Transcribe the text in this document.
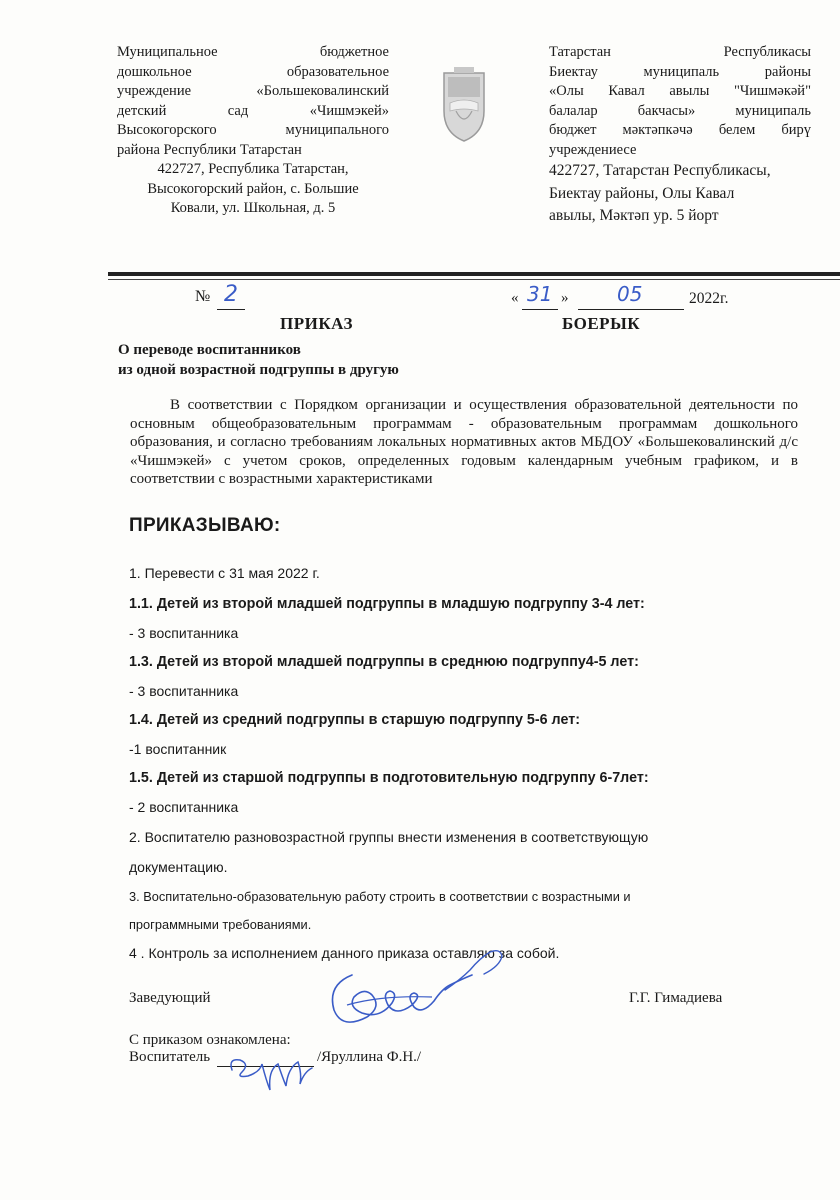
Муниципальное бюджетное
дошкольное образовательное
учреждение «Большековалинский
детский сад «Чишмэкей»
Высокогорского муниципального
района Республики Татарстан
422727, Республика Татарстан,
Высокогорский район, с. Большие
Ковали, ул. Школьная, д. 5
Татарстан Республикасы
Биектау муниципаль районы
«Олы Кавал авылы "Чишмәкәй"
балалар бакчасы» муниципаль
бюджет мәктәпкәчә белем бирү
учреждениесе
422727, Татарстан Республикасы,
Биектау районы, Олы Кавал
авылы, Мәктәп ур. 5 йорт
№ 2	« 31 » 05	2022г.
ПРИКАЗ	БОЕРЫК
О переводе воспитанников
из одной возрастной подгруппы в другую
В соответствии с Порядком организации и осуществления образовательной деятельности по основным общеобразовательным программам - образовательным программам дошкольного образования, и согласно требованиям локальных нормативных актов МБДОУ «Большековалинский д/с «Чишмэкей» с учетом сроков, определенных годовым календарным учебным графиком, и в соответствии с возрастными характеристиками
ПРИКАЗЫВАЮ:
1. Перевести с 31 мая 2022 г.
1.1. Детей из второй младшей подгруппы в младшую подгруппу 3-4 лет:
- 3 воспитанника
1.3. Детей из второй младшей подгруппы в среднюю подгруппу4-5 лет:
- 3 воспитанника
1.4. Детей из средний подгруппы в старшую подгруппу 5-6 лет:
-1 воспитанник
1.5. Детей из старшой подгруппы в подготовительную подгруппу 6-7лет:
- 2 воспитанника
2. Воспитателю разновозрастной группы внести изменения в соответствующую
документацию.
3. Воспитательно-образовательную работу строить в соответствии с возрастными и
программными требованиями.
4 . Контроль за исполнением данного приказа оставляю за собой.
Заведующий	Г.Г. Гимадиева
С приказом ознакомлена:
Воспитатель	/Яруллина Ф.Н./
